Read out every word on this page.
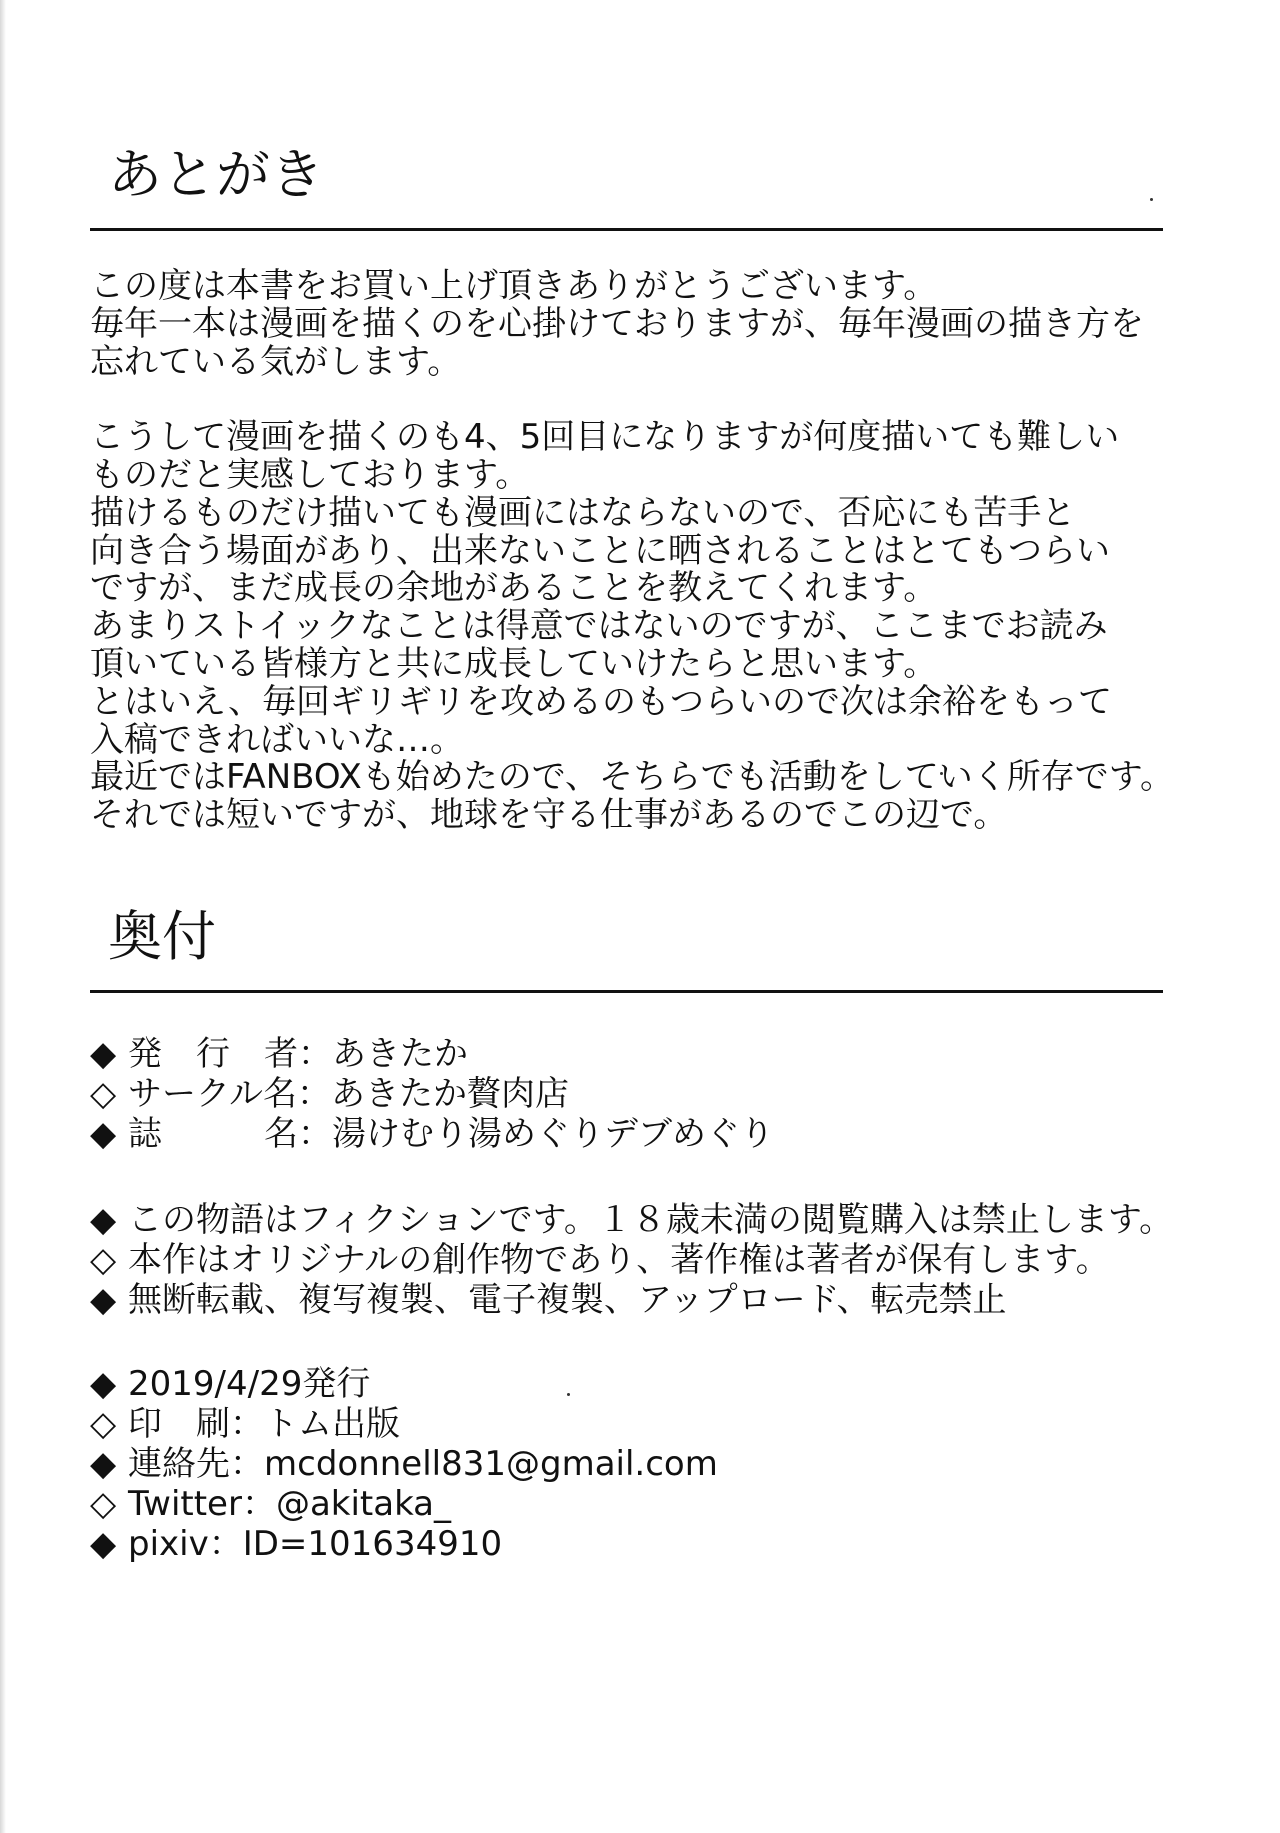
あとがき
この度は本書をお買い上げ頂きありがとうございます。
毎年一本は漫画を描くのを心掛けておりますが、毎年漫画の描き方を
忘れている気がします。
こうして漫画を描くのも4、5回目になりますが何度描いても難しい
ものだと実感しております。
描けるものだけ描いても漫画にはならないので、否応にも苦手と
向き合う場面があり、出来ないことに晒されることはとてもつらい
ですが、まだ成長の余地があることを教えてくれます。
あまりストイックなことは得意ではないのですが、ここまでお読み
頂いている皆様方と共に成長していけたらと思います。
とはいえ、毎回ギリギリを攻めるのもつらいので次は余裕をもって
入稿できればいいな…。
最近ではFANBOXも始めたので、そちらでも活動をしていく所存です。
それでは短いですが、地球を守る仕事があるのでこの辺で。
奥付
◆ 発　行　者：あきたか
◇ サークル名：あきたか贅肉店
◆ 誌　　　名：湯けむり湯めぐりデブめぐり
◆ この物語はフィクションです。１８歳未満の閲覧購入は禁止します。
◇ 本作はオリジナルの創作物であり、著作権は著者が保有します。
◆ 無断転載、複写複製、電子複製、アップロード、転売禁止
◆ 2019/4/29発行
◇ 印　刷：トム出版
◆ 連絡先：mcdonnell831@gmail.com
◇ Twitter：@akitaka_
◆ pixiv：ID=101634910
